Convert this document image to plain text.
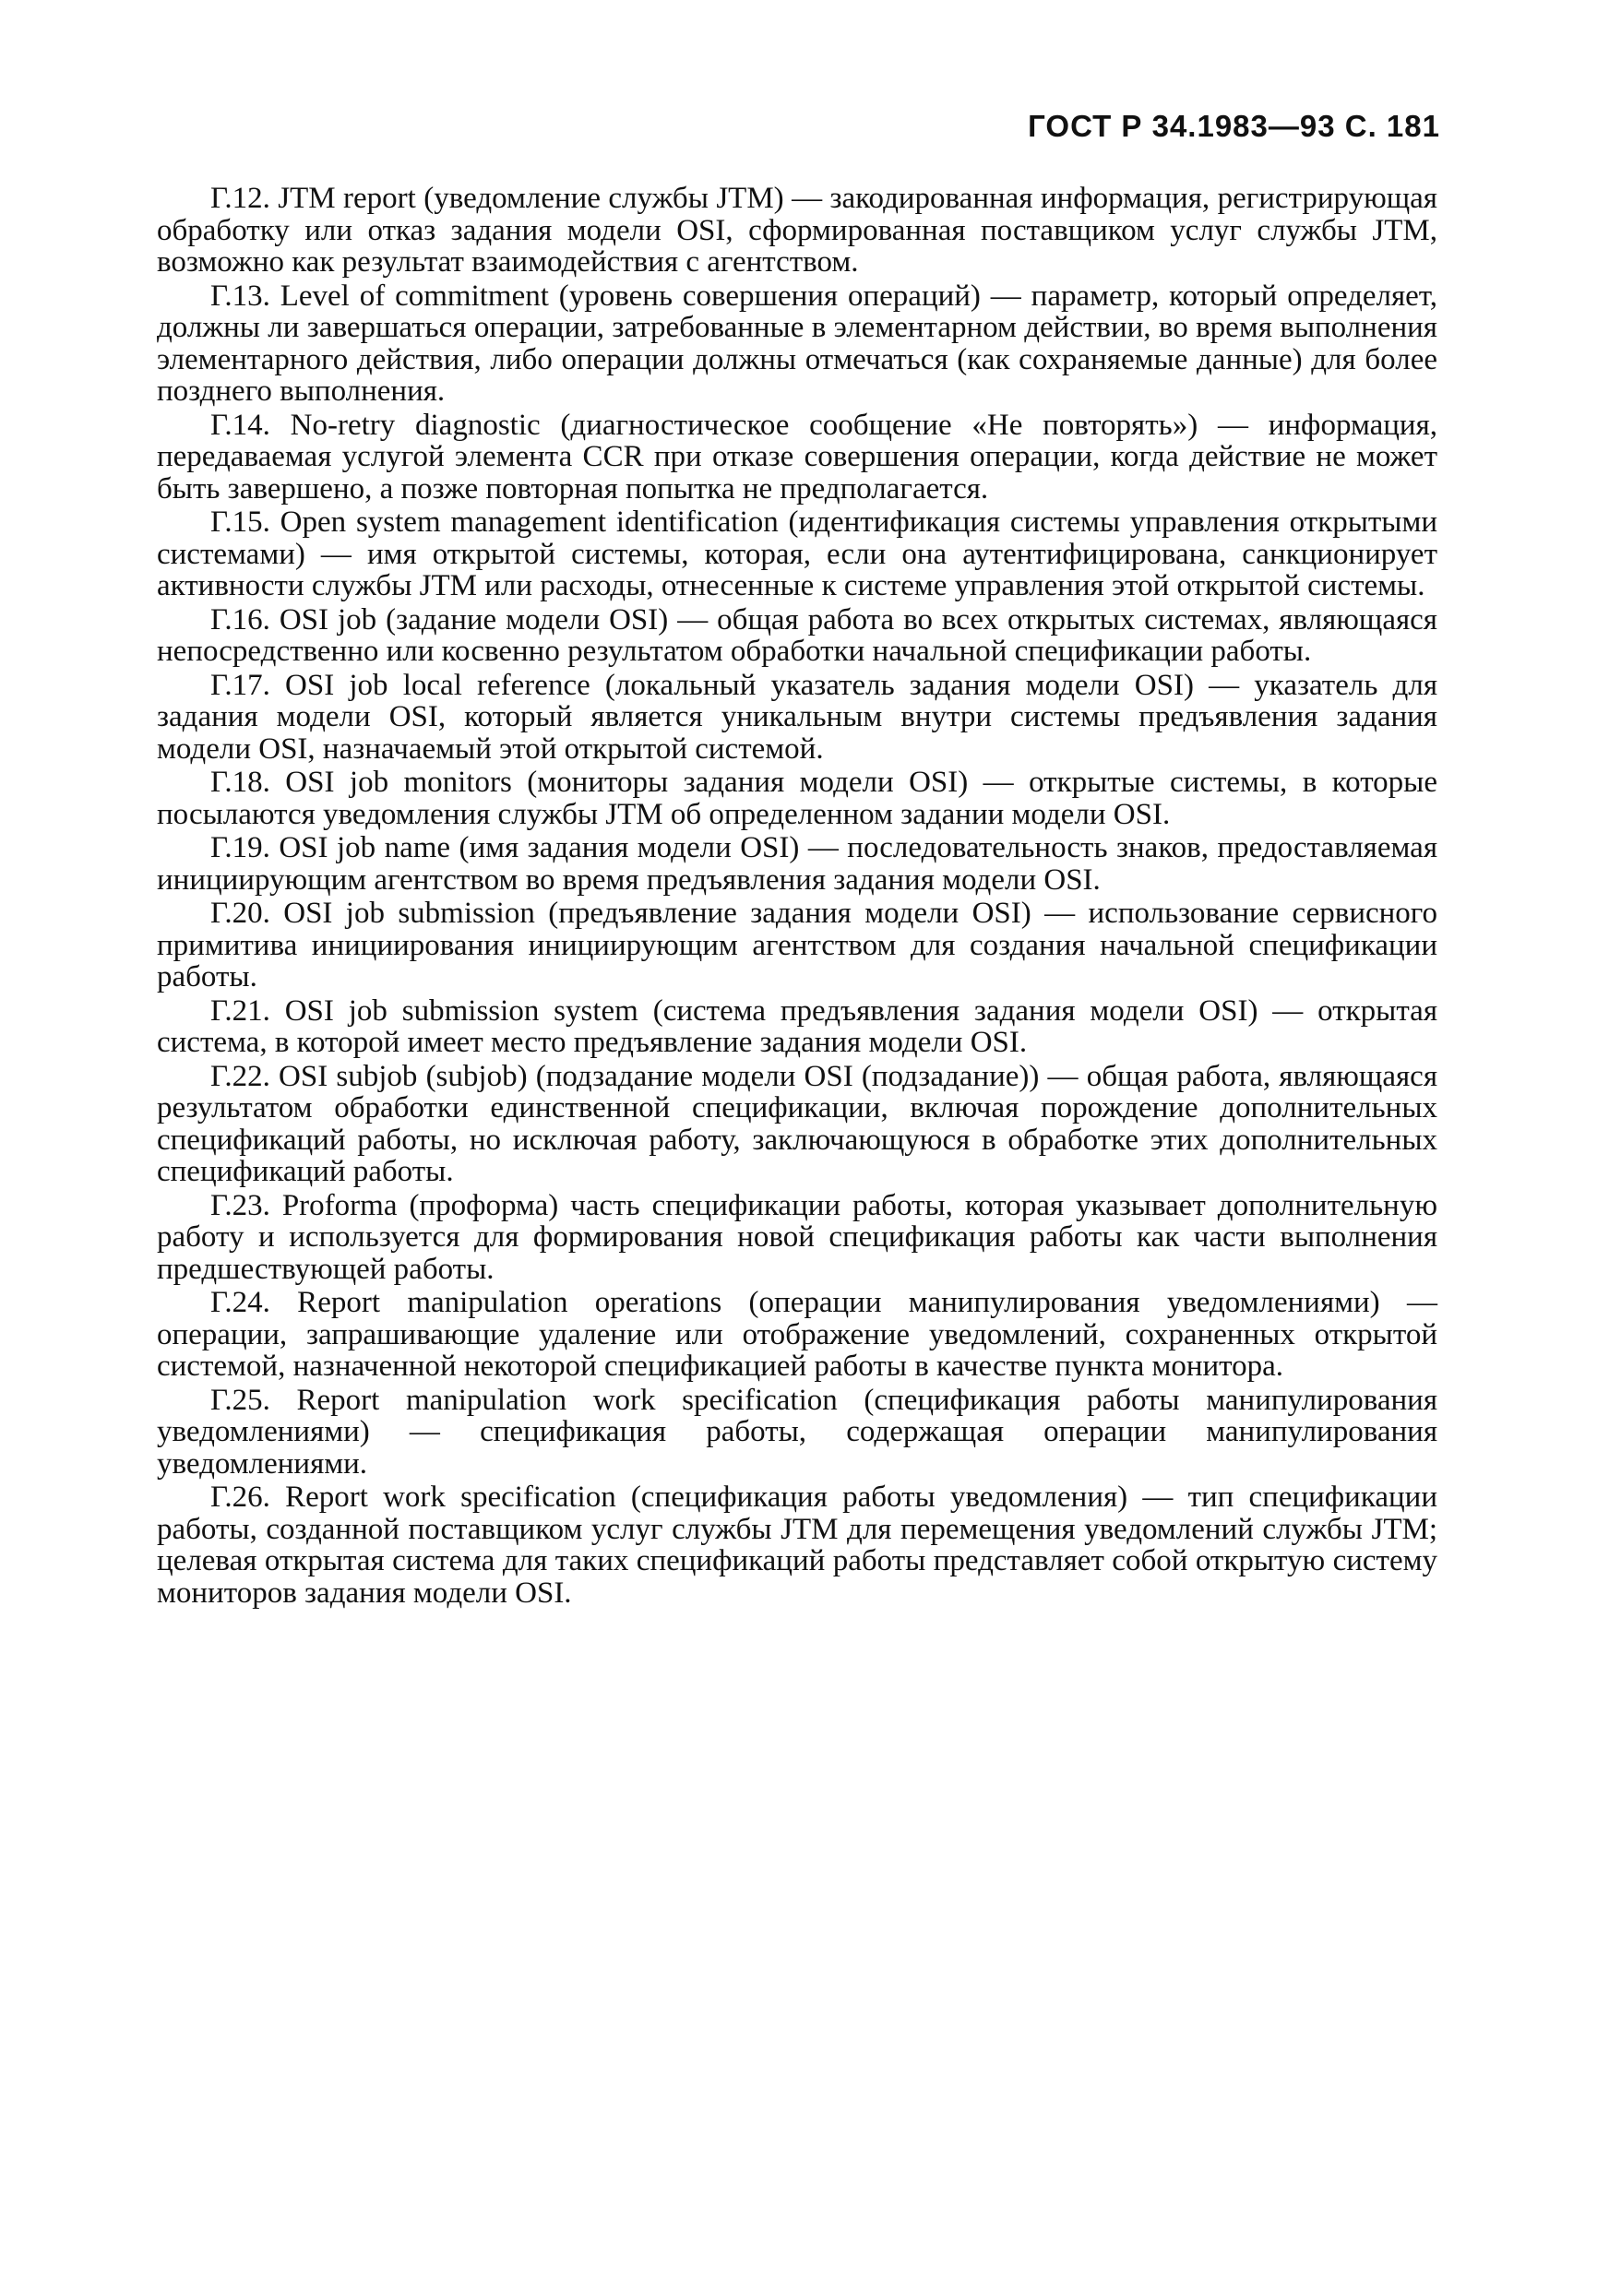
ГОСТ Р 34.1983—93 С. 181

Г.12. JTM report (уведомление службы JTM) — закодированная информация, регистрирующая обработку или отказ задания модели OSI, сформированная поставщиком услуг службы JTM, возможно как результат взаимодействия с агентством.

Г.13. Level of commitment (уровень совершения операций) — параметр, который определяет, должны ли завершаться операции, затребованные в элементарном действии, во время выполнения элементарного действия, либо операции должны отмечаться (как сохраняемые данные) для более позднего выполнения.

Г.14. No-retry diagnostic (диагностическое сообщение «Не повторять») — информация, передаваемая услугой элемента CCR при отказе совершения операции, когда действие не может быть завершено, а позже повторная попытка не предполагается.

Г.15. Open system management identification (идентификация системы управления открытыми системами) — имя открытой системы, которая, если она аутентифицирована, санкционирует активности службы JTM или расходы, отнесенные к системе управления этой открытой системы.

Г.16. OSI job (задание модели OSI) — общая работа во всех открытых системах, являющаяся непосредственно или косвенно результатом обработки начальной спецификации работы.

Г.17. OSI job local reference (локальный указатель задания модели OSI) — указатель для задания модели OSI, который является уникальным внутри системы предъявления задания модели OSI, назначаемый этой открытой системой.

Г.18. OSI job monitors (мониторы задания модели OSI) — открытые системы, в которые посылаются уведомления службы JTM об определенном задании модели OSI.

Г.19. OSI job name (имя задания модели OSI) — последовательность знаков, предоставляемая инициирующим агентством во время предъявления задания модели OSI.

Г.20. OSI job submission (предъявление задания модели OSI) — использование сервисного примитива инициирования инициирующим агентством для создания начальной спецификации работы.

Г.21. OSI job submission system (система предъявления задания модели OSI) — открытая система, в которой имеет место предъявление задания модели OSI.

Г.22. OSI subjob (subjob) (подзадание модели OSI (подзадание)) — общая работа, являющаяся результатом обработки единственной спецификации, включая порождение дополнительных спецификаций работы, но исключая работу, заключающуюся в обработке этих дополнительных спецификаций работы.

Г.23. Proforma (проформа) часть спецификации работы, которая указывает дополнительную работу и используется для формирования новой спецификация работы как части выполнения предшествующей работы.

Г.24. Report manipulation operations (операции манипулирования уведомлениями) — операции, запрашивающие удаление или отображение уведомлений, сохраненных открытой системой, назначенной некоторой спецификацией работы в качестве пункта монитора.

Г.25. Report manipulation work specification (спецификация работы манипулирования уведомлениями) — спецификация работы, содержащая операции манипулирования уведомлениями.

Г.26. Report work specification (спецификация работы уведомления) — тип спецификации работы, созданной поставщиком услуг службы JTM для перемещения уведомлений службы JTM; целевая открытая система для таких спецификаций работы представляет собой открытую систему мониторов задания модели OSI.
